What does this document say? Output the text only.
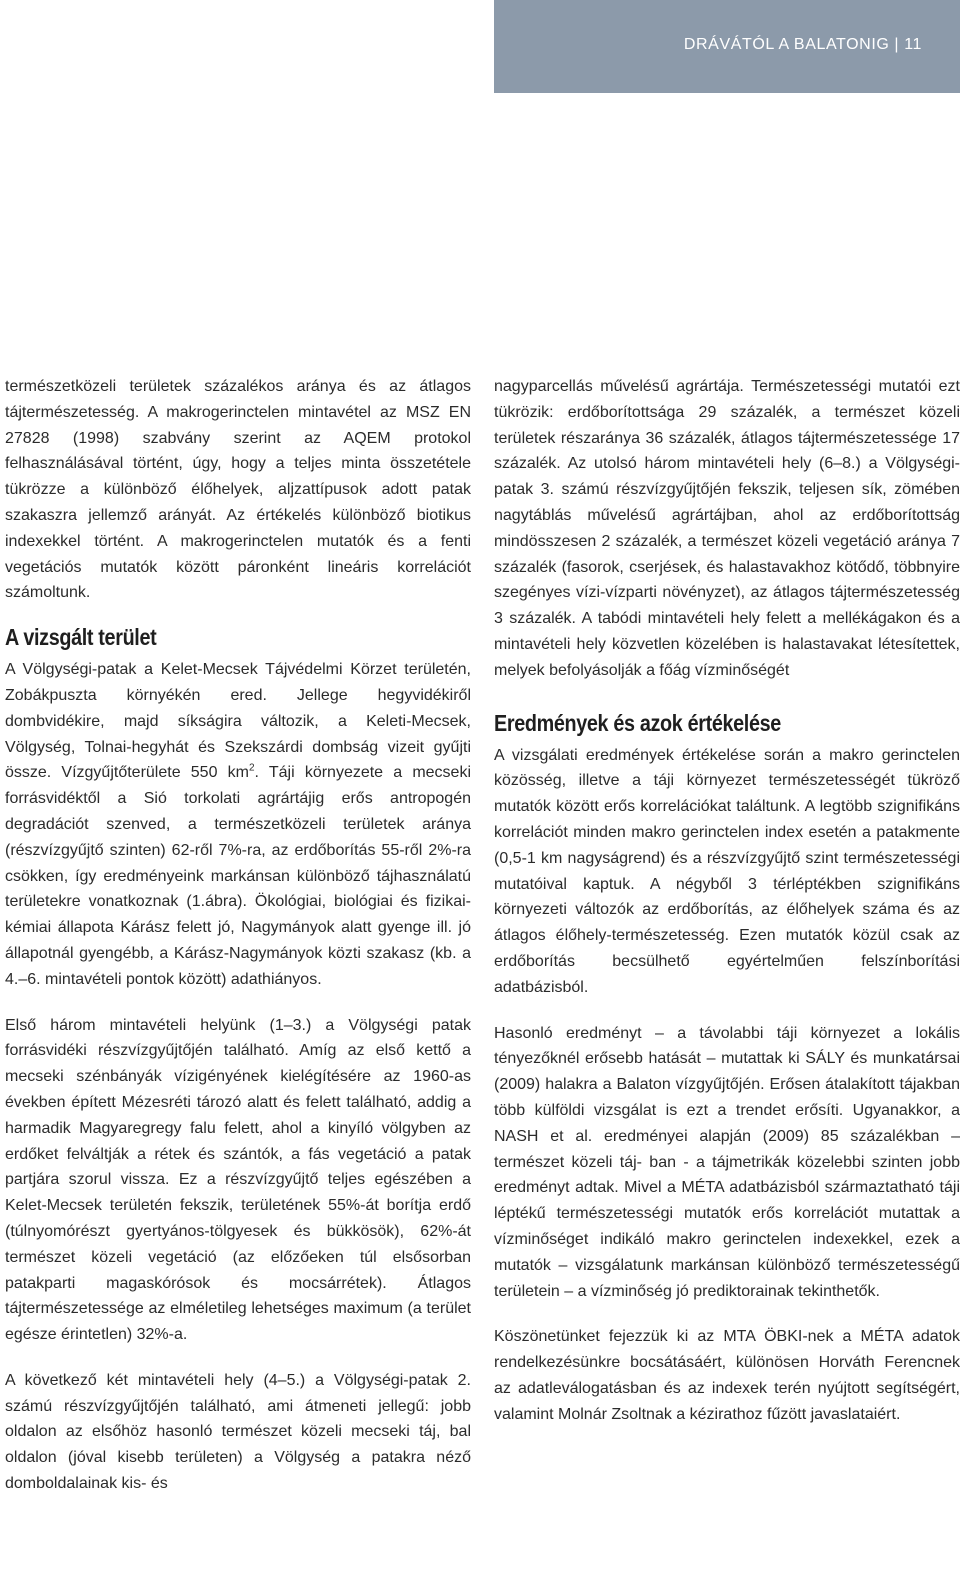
DRÁVÁTÓL A BALATONIG | 11

természetközeli területek százalékos aránya és az átlagos tájtermészetesség. A makrogerinctelen mintavétel az MSZ EN 27828 (1998) szabvány szerint az AQEM protokol felhasználásával történt, úgy, hogy a teljes minta összetétele tükrözze a különböző élőhelyek, aljzattípusok adott patak szakaszra jellemző arányát. Az értékelés különböző biotikus indexekkel történt. A makrogerinctelen mutatók és a fenti vegetációs mutatók között páronként lineáris korrelációt számoltunk.

A vizsgált terület

A Völgységi-patak a Kelet-Mecsek Tájvédelmi Körzet területén, Zobákpuszta környékén ered. Jellege hegyvidékiről dombvidékire, majd síkságira változik, a Keleti-Mecsek, Völgység, Tolnai-hegyhát és Szekszárdi dombság vizeit gyűjti össze. Vízgyűjtőterülete 550 $km^2$. Táji környezete a mecseki forrásvidéktől a Sió torkolati agrártájig erős antropogén degradációt szenved, a természetközeli területek aránya (részvízgyűjtő szinten) 62-ről 7%-ra, az erdőborítás 55-ről 2%-ra csökken, így eredményeink markánsan különböző tájhasználatú területekre vonatkoznak (1.ábra). Ökológiai, biológiai és fizikai-kémiai állapota Kárász felett jó, Nagymányok alatt gyenge ill. jó állapotnál gyengébb, a Kárász-Nagymányok közti szakasz (kb. a 4.–6. mintavételi pontok között) adathiányos.

Első három mintavételi helyünk (1–3.) a Völgységi patak forrásvidéki részvízgyűjtőjén található. Amíg az első kettő a mecseki szénbányák vízigényének kielégítésére az 1960-as években épített Mézesréti tározó alatt és felett található, addig a harmadik Magyaregregy falu felett, ahol a kinyíló völgyben az erdőket felváltják a rétek és szántók, a fás vegetáció a patak partjára szorul vissza. Ez a részvízgyűjtő teljes egészében a Kelet-Mecsek területén fekszik, területének 55%-át borítja erdő (túlnyomórészt gyertyános-tölgyesek és bükkösök), 62%-át természet közeli vegetáció (az előzőeken túl elsősorban patakparti magaskórósok és mocsárrétek). Átlagos tájtermészetessége az elméletileg lehetséges maximum (a terület egésze érintetlen) 32%-a.

A következő két mintavételi hely (4–5.) a Völgységi-patak 2. számú részvízgyűjtőjén található, ami átmeneti jellegű: jobb oldalon az elsőhöz hasonló természet közeli mecseki táj, bal oldalon (jóval kisebb területen) a Völgység a patakra néző domboldalainak kis- és

nagyparcellás művelésű agrártája. Természetességi mutatói ezt tükrözik: erdőborítottsága 29 százalék, a természet közeli területek részaránya 36 százalék, átlagos tájtermészetessége 17 százalék. Az utolsó három mintavételi hely (6–8.) a Völgységi-patak 3. számú részvízgyűjtőjén fekszik, teljesen sík, zömében nagytáblás művelésű agrártájban, ahol az erdőborítottság mindösszesen 2 százalék, a természet közeli vegetáció aránya 7 százalék (fasorok, cserjések, és halastavakhoz kötődő, többnyire szegényes vízi-vízparti növényzet), az átlagos tájtermészetesség 3 százalék. A tabódi mintavételi hely felett a mellékágakon és a mintavételi hely közvetlen közelében is halastavakat létesítettek, melyek befolyásolják a főág vízminőségét

Eredmények és azok értékelése

A vizsgálati eredmények értékelése során a makro gerinctelen közösség, illetve a táji környezet természetességét tükröző mutatók között erős korrelációkat találtunk. A legtöbb szignifikáns korrelációt minden makro gerinctelen index esetén a patakmente (0,5-1 km nagyságrend) és a részvízgyűjtő szint természetességi mutatóival kaptuk. A négyből 3 térléptékben szignifikáns környezeti változók az erdőborítás, az élőhelyek száma és az átlagos élőhely-természetesség. Ezen mutatók közül csak az erdőborítás becsülhető egyértelműen felszínborítási adatbázisból.

Hasonló eredményt – a távolabbi táji környezet a lokális tényezőknél erősebb hatását – mutattak ki SÁLY és munkatársai (2009) halakra a Balaton vízgyűjtőjén. Erősen átalakított tájakban több külföldi vizsgálat is ezt a trendet erősíti. Ugyanakkor, a NASH et al. eredményei alapján (2009) 85 százalékban – természet közeli táj- ban - a tájmetrikák közelebbi szinten jobb eredményt adtak. Mivel a MÉTA adatbázisból származtatható táji léptékű természetességi mutatók erős korrelációt mutattak a vízminőséget indikáló makro gerinctelen indexekkel, ezek a mutatók – vizsgálatunk markánsan különböző természetességű területein – a vízminőség jó prediktorainak tekinthetők.

Köszönetünket fejezzük ki az MTA ÖBKI-nek a MÉTA adatok rendelkezésünkre bocsátásáért, különösen Horváth Ferencnek az adatleválogatásban és az indexek terén nyújtott segítségért, valamint Molnár Zsoltnak a kézirathoz fűzött javaslataiért.
